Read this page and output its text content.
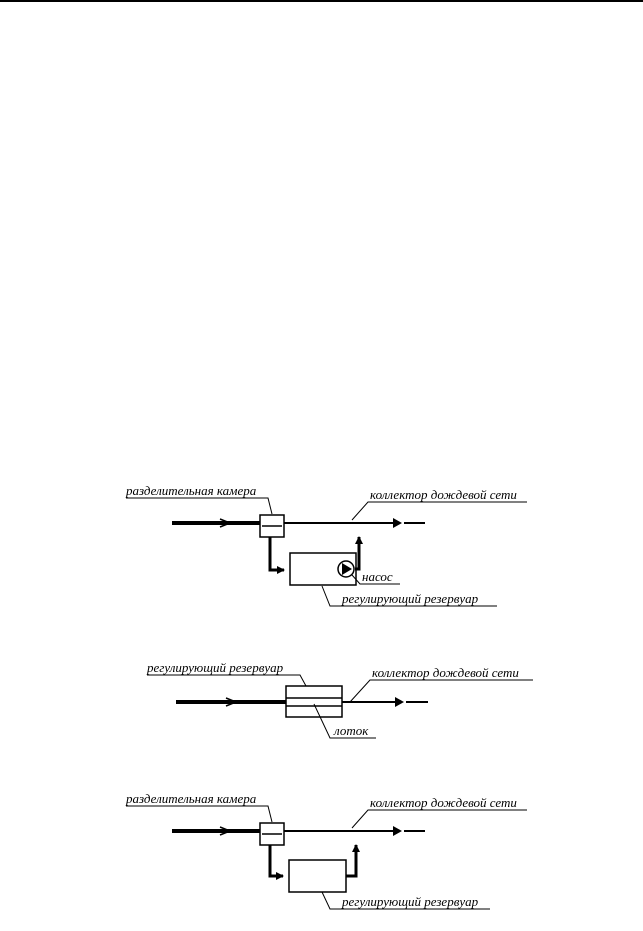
разделительная камера	коллектор дождевой сети
насос
регулирующий резервуар
регулирующий резервуар	коллектор дождевой сети
лоток
разделительная камера	коллектор дождевой сети
регулирующий резервуар
